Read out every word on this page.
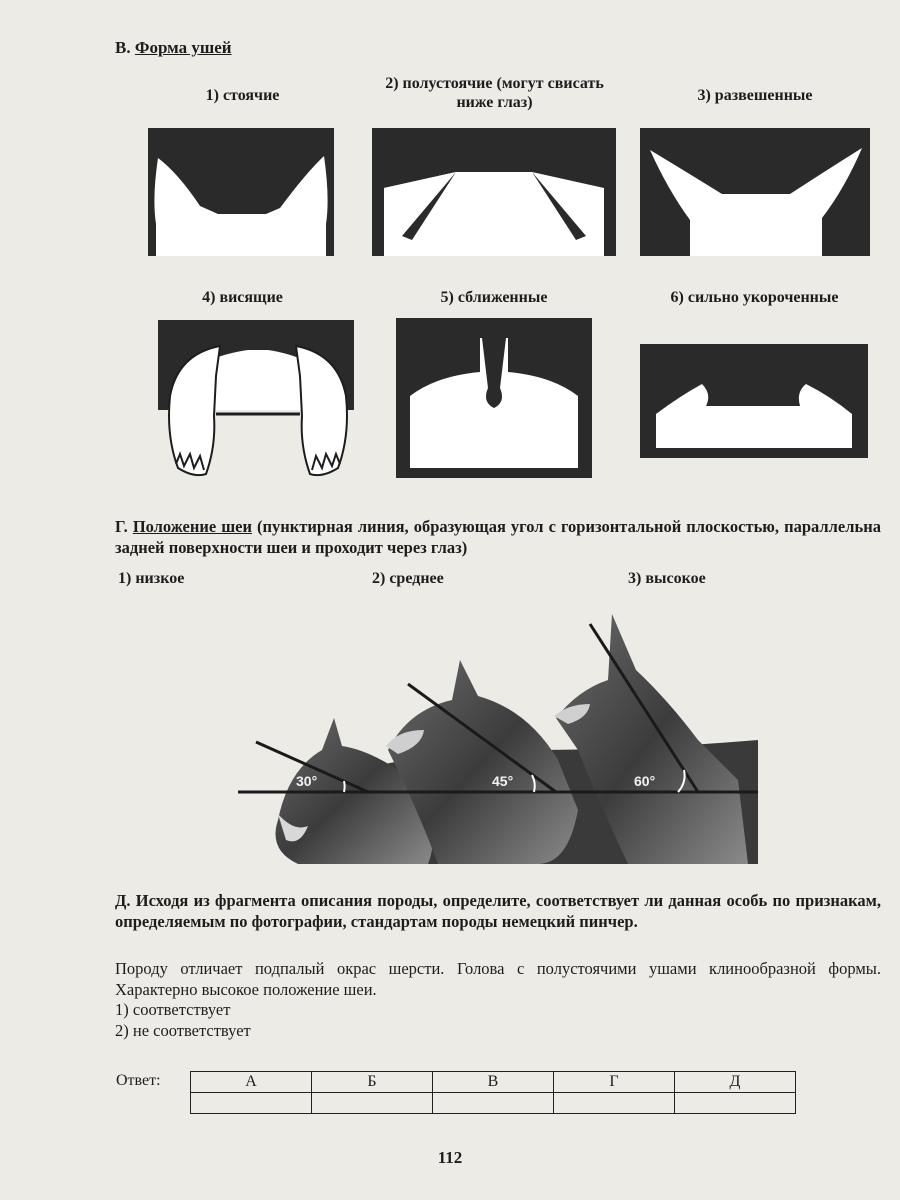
В. Форма ушей
1) стоячие
2) полустоячие (могут свисать ниже глаз)	3) развешенные
4) висящие	5) сближенные	6) сильно укороченные
Г. Положение шеи (пунктирная линия, образующая угол с горизонтальной плоскостью, параллельна задней поверхности шеи и проходит через глаз)
1) низкое	2) среднее	3) высокое
30°	45°	60°
Д. Исходя из фрагмента описания породы, определите, соответствует ли данная особь по признакам, определяемым по фотографии, стандартам породы немецкий пинчер.
Породу отличает подпалый окрас шерсти. Голова с полустоячими ушами клинообразной формы. Характерно высокое положение шеи.
1) соответствует
2) не соответствует
Ответ:	А	Б	В	Г	Д

112
